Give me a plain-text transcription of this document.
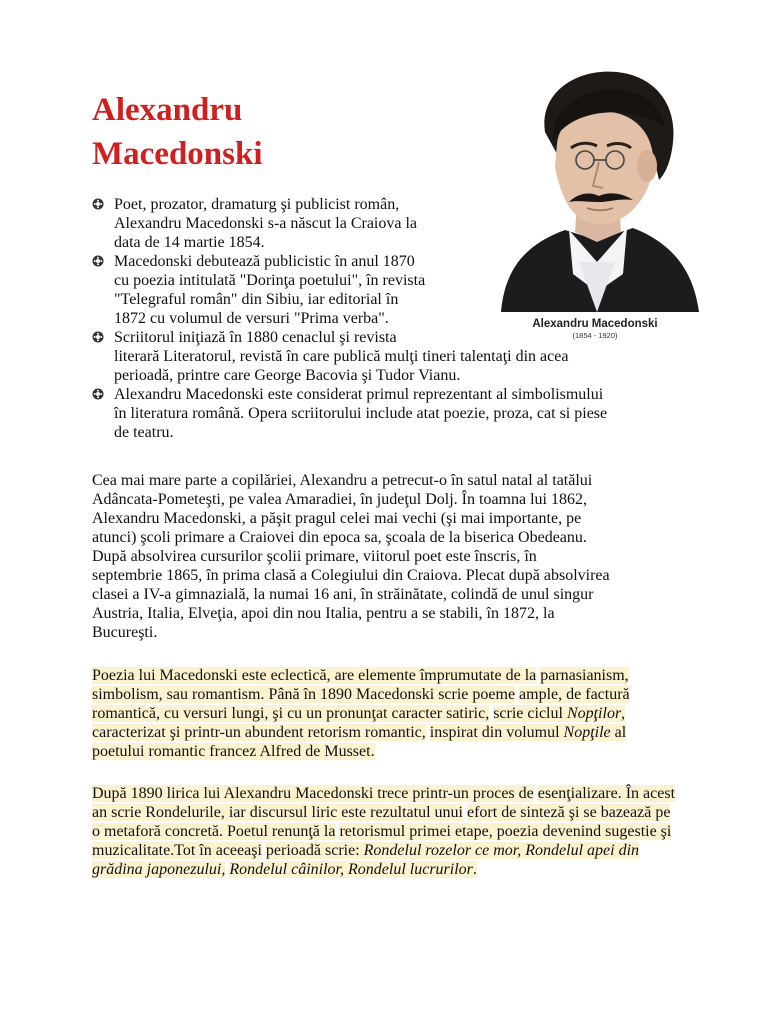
Alexandru
Macedonski
Alexandru Macedonski
(1854 - 1920)
Poet, prozator, dramaturg şi publicist român,
Alexandru Macedonski s-a născut la Craiova la
data de 14 martie 1854.
Macedonski debutează publicistic în anul 1870
cu poezia intitulată "Dorinţa poetului", în revista
"Telegraful român" din Sibiu, iar editorial în
1872 cu volumul de versuri "Prima verba".
Scriitorul iniţiază în 1880 cenaclul şi revista
literară Literatorul, revistă în care publică mulţi tineri talentaţi din acea
perioadă, printre care George Bacovia şi Tudor Vianu.
Alexandru Macedonski este considerat primul reprezentant al simbolismului
în literatura română. Opera scriitorului include atat poezie, proza, cat si piese
de teatru.
Cea mai mare parte a copilăriei, Alexandru a petrecut-o în satul natal al tatălui
Adâncata-Pometeşti, pe valea Amaradiei, în judeţul Dolj. În toamna lui 1862,
Alexandru Macedonski, a păşit pragul celei mai vechi (şi mai importante, pe
atunci) şcoli primare a Craiovei din epoca sa, şcoala de la biserica Obedeanu.
După absolvirea cursurilor şcolii primare, viitorul poet este înscris, în
septembrie 1865, în prima clasă a Colegiului din Craiova. Plecat după absolvirea
clasei a IV-a gimnazială, la numai 16 ani, în străinătate, colindă de unul singur
Austria, Italia, Elveţia, apoi din nou Italia, pentru a se stabili, în 1872, la
Bucureşti.
Poezia lui Macedonski este eclectică, are elemente împrumutate de la parnasianism, simbolism, sau romantism. Până în 1890 Macedonski scrie poeme ample, de factură romantică, cu versuri lungi, şi cu un pronunţat caracter satiric, scrie ciclul Nopţilor, caracterizat şi printr-un abundent retorism romantic, inspirat din volumul Nopţile al poetului romantic francez Alfred de Musset.
După 1890 lirica lui Alexandru Macedonski trece printr-un proces de esenţializare. În acest an scrie Rondelurile, iar discursul liric este rezultatul unui efort de sinteză şi se bazează pe o metaforă concretă. Poetul renunţă la retorismul primei etape, poezia devenind sugestie şi muzicalitate.Tot în aceeaşi perioadă scrie: Rondelul rozelor ce mor, Rondelul apei din grădina japonezului, Rondelul câinilor, Rondelul lucrurilor.
